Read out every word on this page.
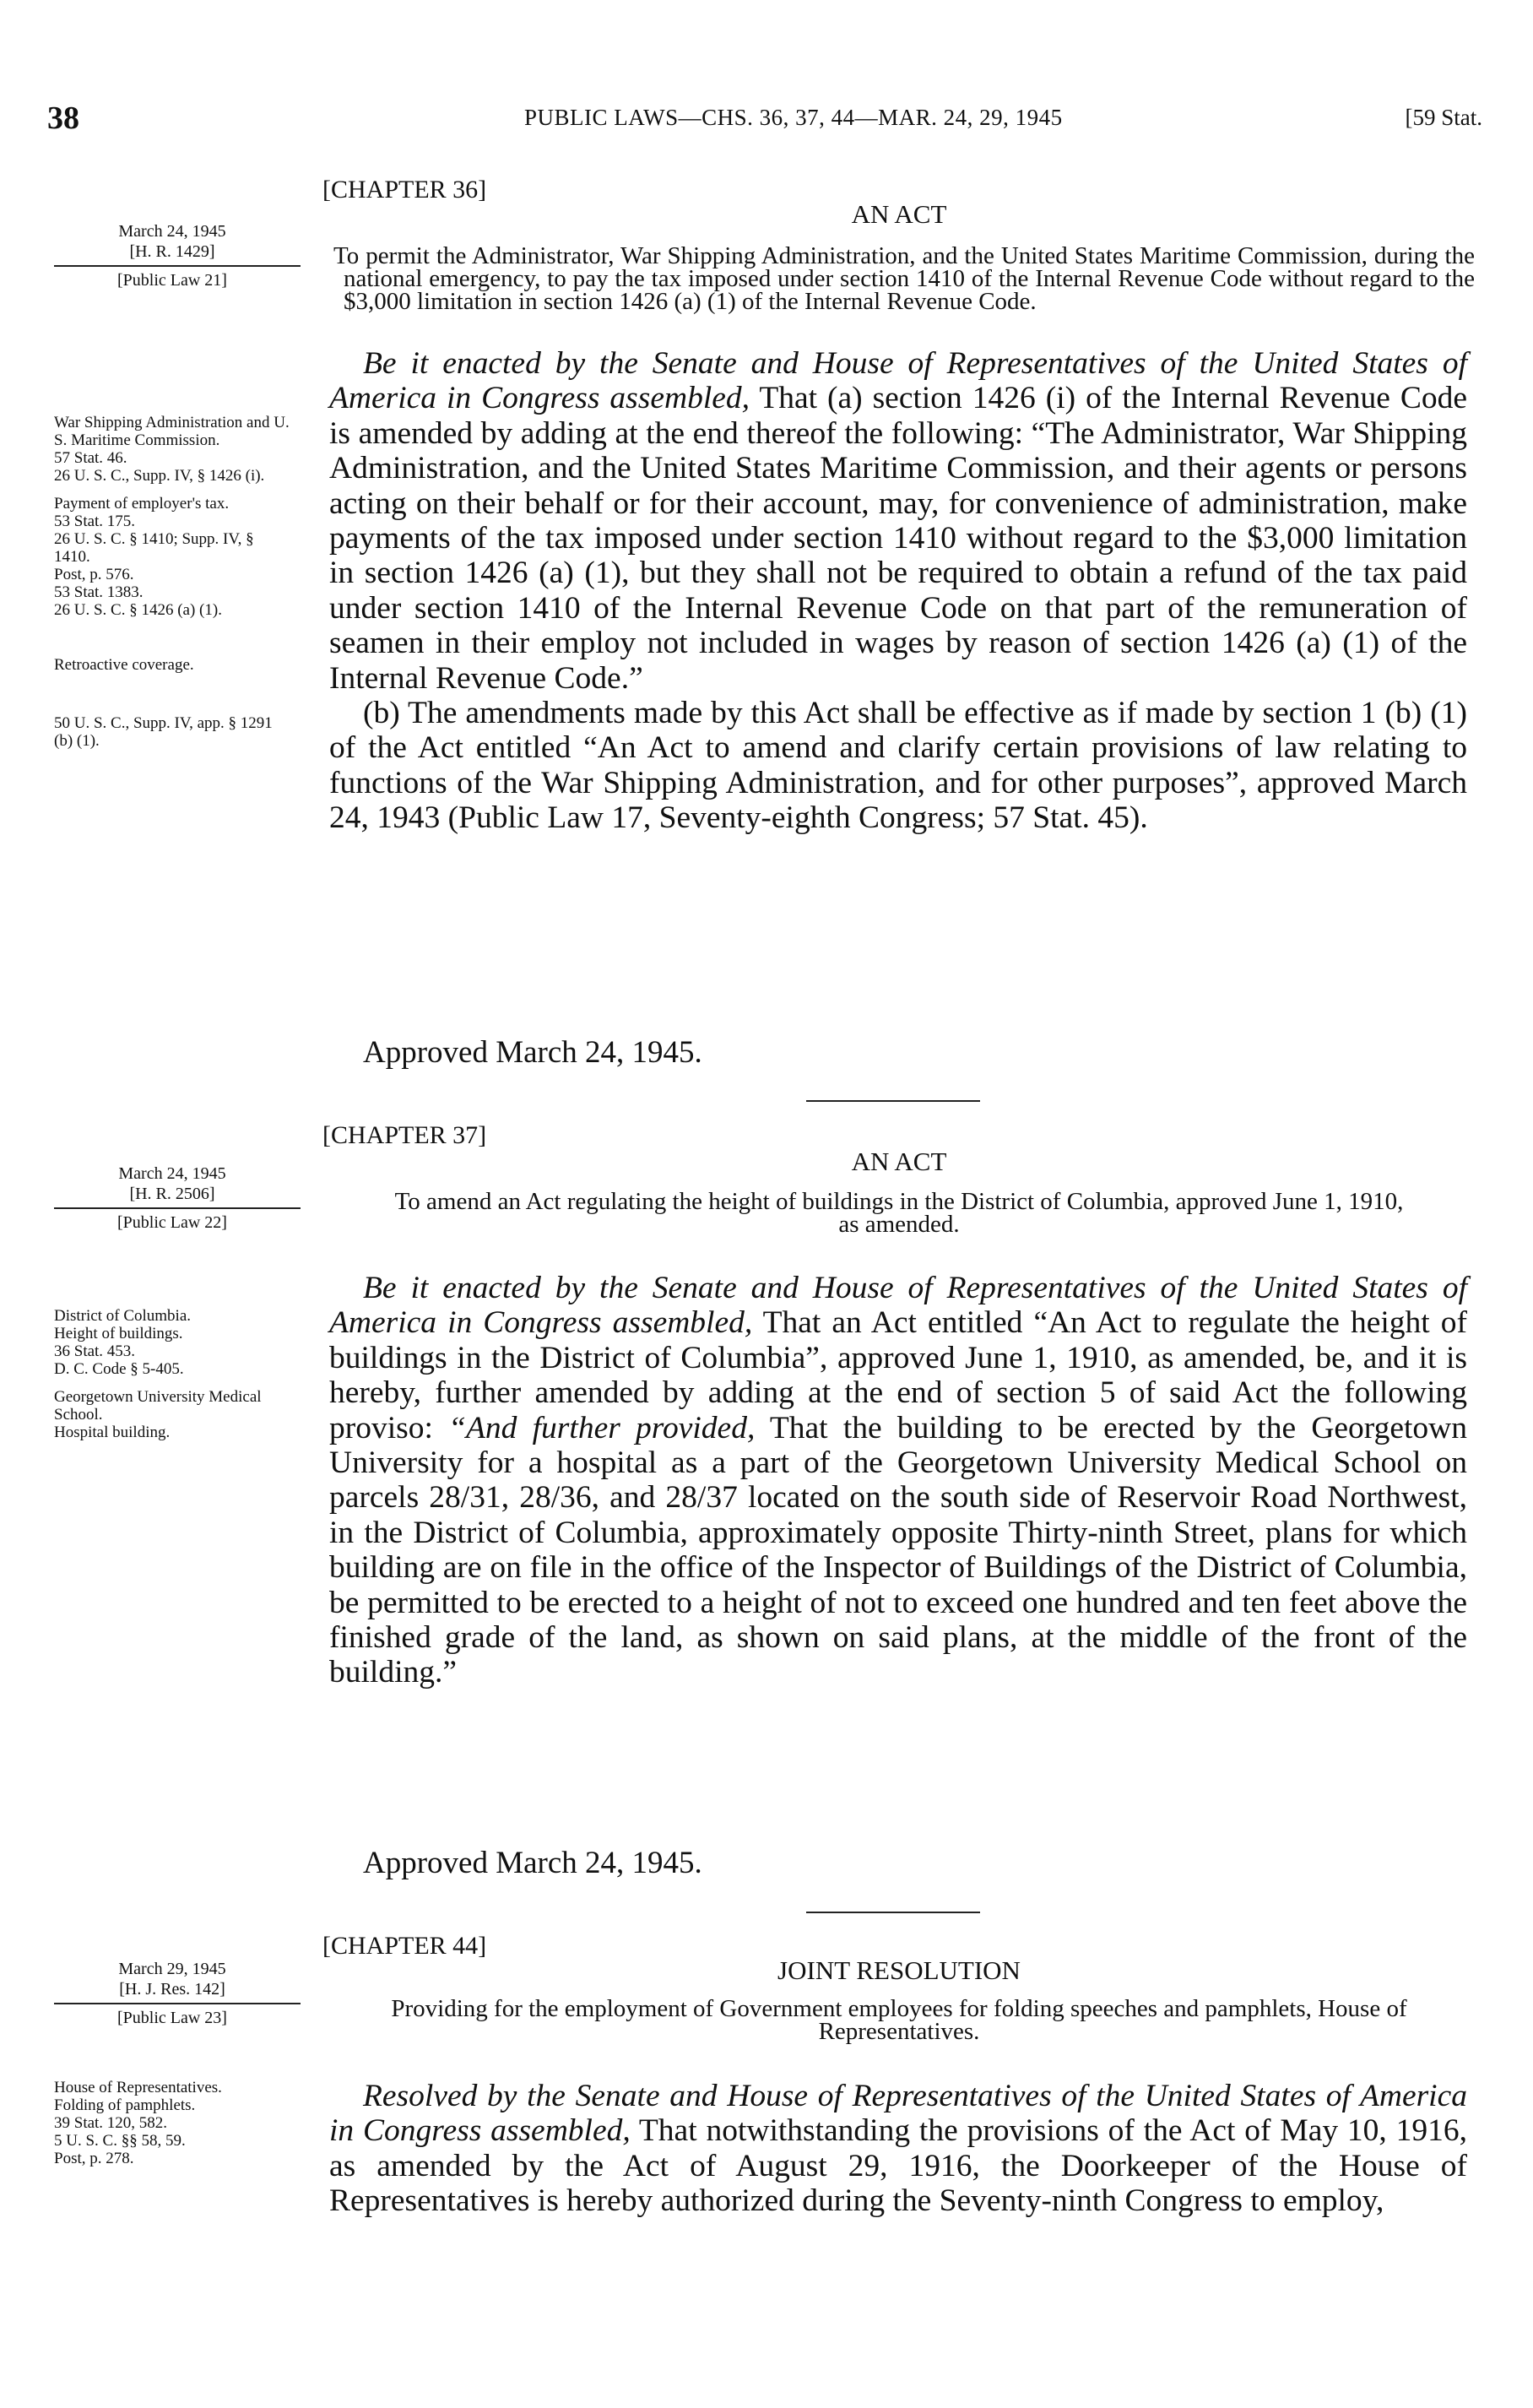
38	PUBLIC LAWS—CHS. 36, 37, 44—MAR. 24, 29, 1945	[59 Stat.
[CHAPTER 36]
AN ACT
March 24, 1945
[H. R. 1429]
[Public Law 21]
To permit the Administrator, War Shipping Administration, and the United States Maritime Commission, during the national emergency, to pay the tax imposed under section 1410 of the Internal Revenue Code without regard to the $3,000 limitation in section 1426 (a) (1) of the Internal Revenue Code.
War Shipping Administration and U. S. Maritime Commission.
57 Stat. 46.
26 U. S. C., Supp. IV, § 1426 (i).
Payment of employer's tax.
53 Stat. 175.
26 U. S. C. § 1410; Supp. IV, § 1410.
Post, p. 576.
53 Stat. 1383.
26 U. S. C. § 1426 (a) (1).
Retroactive coverage.
50 U. S. C., Supp. IV, app. § 1291 (b) (1).

Be it enacted by the Senate and House of Representatives of the United States of America in Congress assembled, That (a) section 1426 (i) of the Internal Revenue Code is amended by adding at the end thereof the following: “The Administrator, War Shipping Administration, and the United States Maritime Commission, and their agents or persons acting on their behalf or for their account, may, for convenience of administration, make payments of the tax imposed under section 1410 without regard to the $3,000 limitation in section 1426 (a) (1), but they shall not be required to obtain a refund of the tax paid under section 1410 of the Internal Revenue Code on that part of the remuneration of seamen in their employ not included in wages by reason of section 1426 (a) (1) of the Internal Revenue Code.”

(b) The amendments made by this Act shall be effective as if made by section 1 (b) (1) of the Act entitled “An Act to amend and clarify certain provisions of law relating to functions of the War Shipping Administration, and for other purposes”, approved March 24, 1943 (Public Law 17, Seventy-eighth Congress; 57 Stat. 45).

Approved March 24, 1945.
[CHAPTER 37]
AN ACT
March 24, 1945
[H. R. 2506]
[Public Law 22]
To amend an Act regulating the height of buildings in the District of Columbia, approved June 1, 1910, as amended.
District of Columbia.
Height of buildings.
36 Stat. 453.
D. C. Code § 5-405.
Georgetown University Medical School.
Hospital building.

Be it enacted by the Senate and House of Representatives of the United States of America in Congress assembled, That an Act entitled “An Act to regulate the height of buildings in the District of Columbia”, approved June 1, 1910, as amended, be, and it is hereby, further amended by adding at the end of section 5 of said Act the following proviso: “And further provided, That the building to be erected by the Georgetown University for a hospital as a part of the Georgetown University Medical School on parcels 28/31, 28/36, and 28/37 located on the south side of Reservoir Road Northwest, in the District of Columbia, approximately opposite Thirty-ninth Street, plans for which building are on file in the office of the Inspector of Buildings of the District of Columbia, be permitted to be erected to a height of not to exceed one hundred and ten feet above the finished grade of the land, as shown on said plans, at the middle of the front of the building.”

Approved March 24, 1945.
[CHAPTER 44]
JOINT RESOLUTION
March 29, 1945
[H. J. Res. 142]
[Public Law 23]	Providing for the employment of Government employees for folding speeches and pamphlets, House of Representatives.
House of Representatives.
Folding of pamphlets.
39 Stat. 120, 582.
5 U. S. C. §§ 58, 59.
Post, p. 278.

Resolved by the Senate and House of Representatives of the United States of America in Congress assembled, That notwithstanding the provisions of the Act of May 10, 1916, as amended by the Act of August 29, 1916, the Doorkeeper of the House of Representatives is hereby authorized during the Seventy-ninth Congress to employ,
